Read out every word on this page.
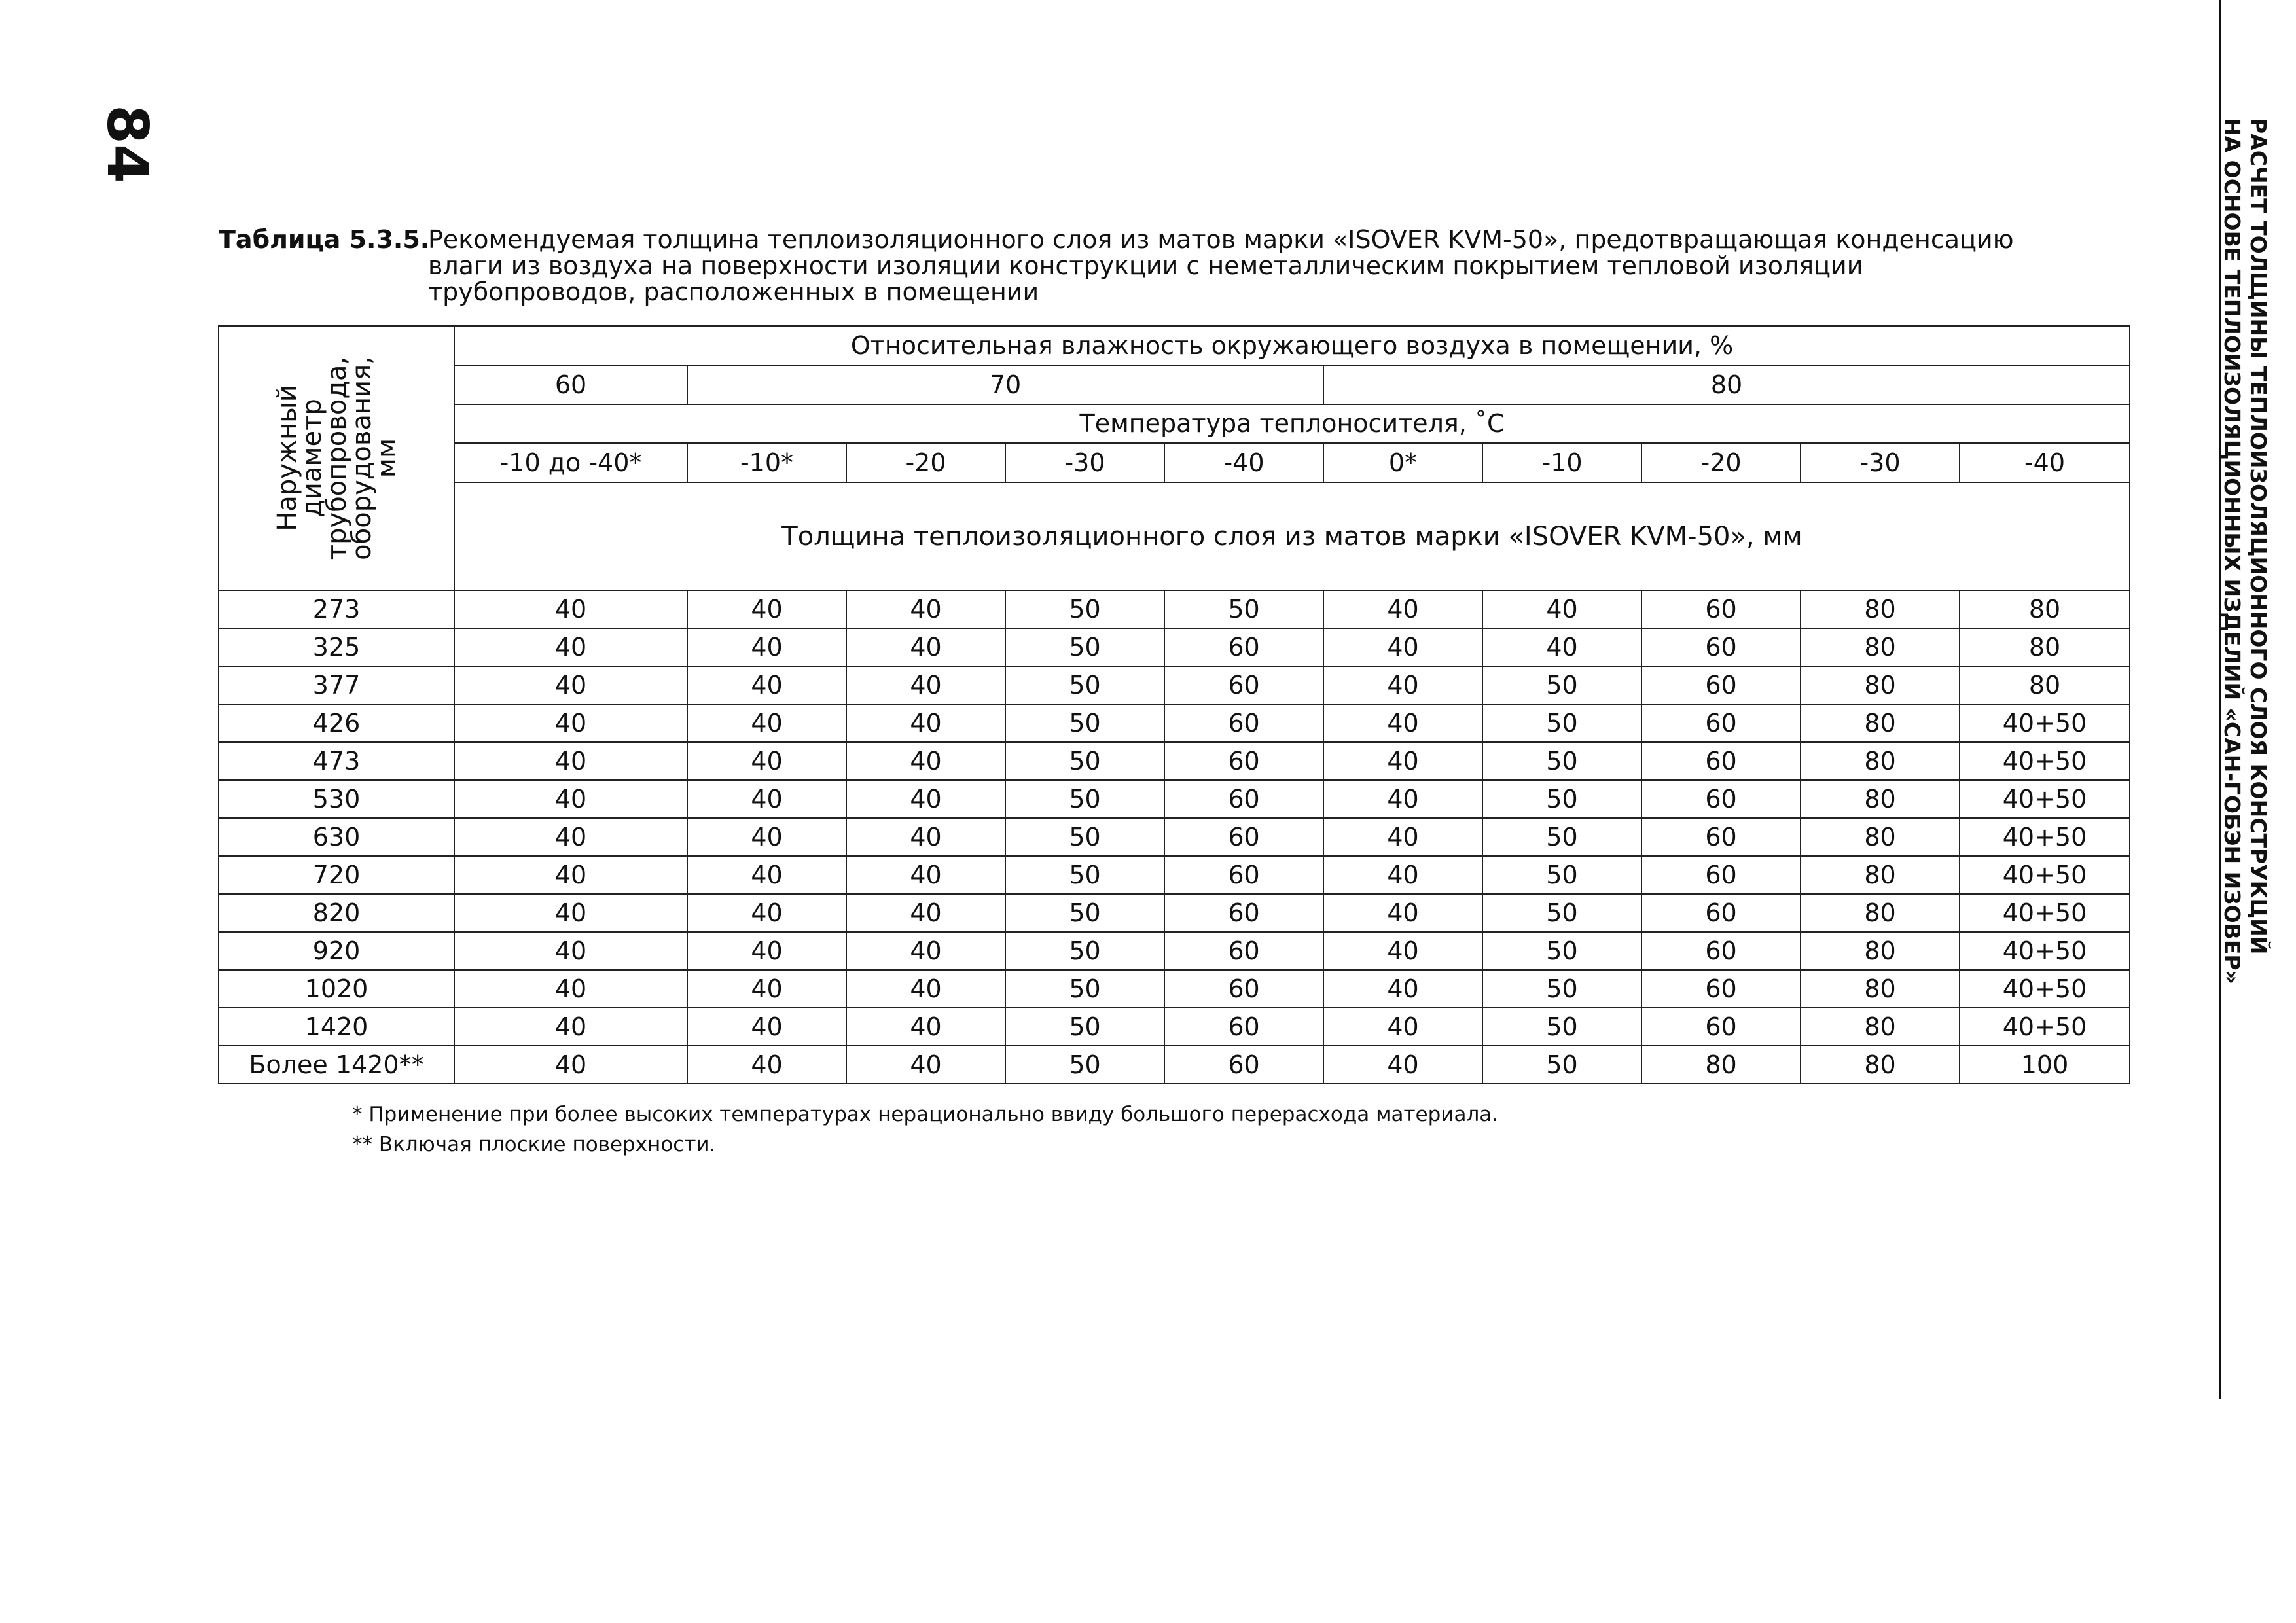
84	РАСЧЕТ ТОЛЩИНЫ ТЕПЛОИЗОЛЯЦИОННОГО СЛОЯ КОНСТРУКЦИЙ
НА ОСНОВЕ ТЕПЛОИЗОЛЯЦИОННЫХ ИЗДЕЛИЙ «САН-ГОБЭН ИЗОВЕР»
Таблица 5.3.5.
Рекомендуемая толщина теплоизоляционного слоя из матов марки «ISOVER KVM-50», предотвращающая конденсацию влаги из воздуха на поверхности изоляции конструкции с неметаллическим покрытием тепловой изоляции трубопроводов, расположенных в помещении
Наружный диаметр трубопровода, оборудования, мм	Относительная влажность окружающего воздуха в помещении, %									
	60	70				80				
	Температура теплоносителя, ˚С									
	-10 до -40*	-10*	-20	-30	-40	0*	-10	-20	-30	-40
	Толщина теплоизоляционного слоя из матов марки «ISOVER KVM-50», мм									
273	40	40	40	50	50	40	40	60	80	80
325	40	40	40	50	60	40	40	60	80	80
377	40	40	40	50	60	40	50	60	80	80
426	40	40	40	50	60	40	50	60	80	40+50
473	40	40	40	50	60	40	50	60	80	40+50
530	40	40	40	50	60	40	50	60	80	40+50
630	40	40	40	50	60	40	50	60	80	40+50
720	40	40	40	50	60	40	50	60	80	40+50
820	40	40	40	50	60	40	50	60	80	40+50
920	40	40	40	50	60	40	50	60	80	40+50
1020	40	40	40	50	60	40	50	60	80	40+50
1420	40	40	40	50	60	40	50	60	80	40+50
Более 1420**	40	40	40	50	60	40	50	80	80	100
* Применение при более высоких температурах нерационально ввиду большого перерасхода материала.
** Включая плоские поверхности.
